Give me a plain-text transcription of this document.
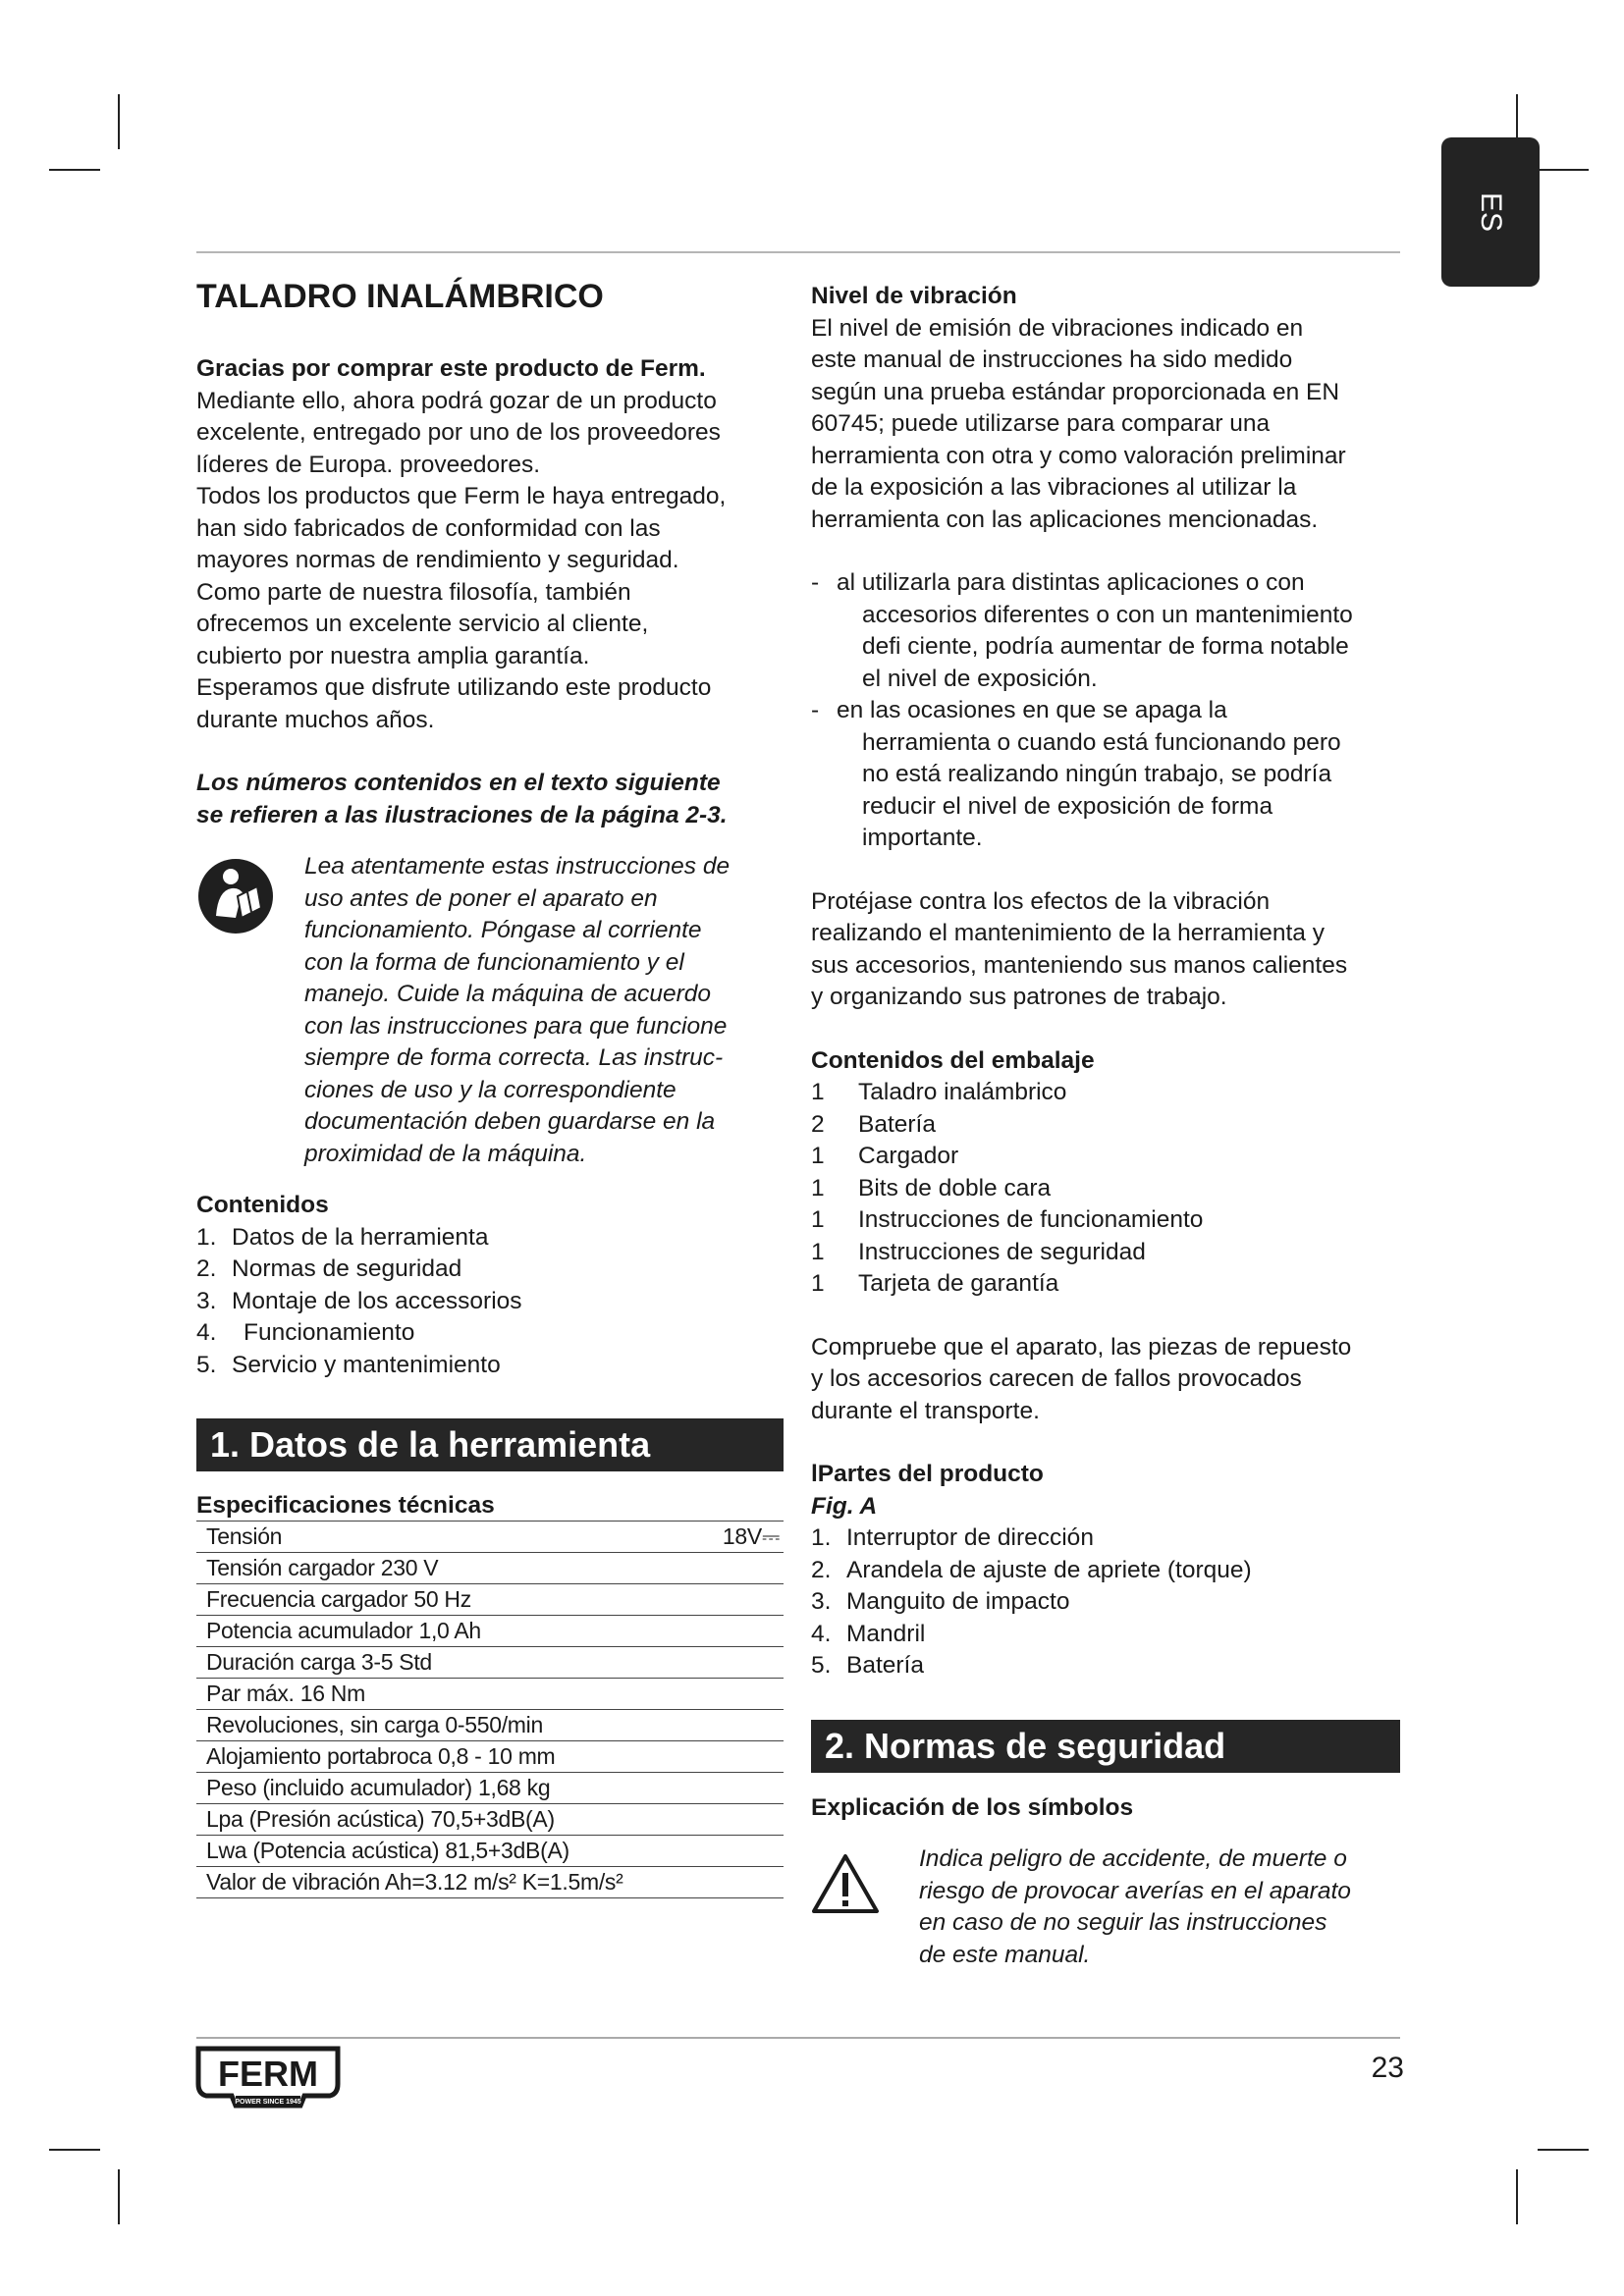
ES

TALADRO INALÁMBRICO

Gracias por comprar este producto de Ferm.

Mediante ello, ahora podrá gozar de un producto

excelente, entregado por uno de los proveedores

líderes de Europa. proveedores.

Todos los productos que Ferm le haya entregado,

han sido fabricados de conformidad con las

mayores normas de rendimiento y seguridad.

Como parte de nuestra filosofía, también

ofrecemos un excelente servicio al cliente,

cubierto por nuestra amplia garantía.

Esperamos que disfrute utilizando este producto

durante muchos años.

Los números contenidos en el texto siguiente

se refieren a las ilustraciones de la página 2-3.

Lea atentamente estas instrucciones de

uso antes de poner el aparato en

funcionamiento. Póngase al corriente

con la forma de funcionamiento y el

manejo. Cuide la máquina de acuerdo

con las instrucciones para que funcione

siempre de forma correcta. Las instruc-

ciones de uso y la correspondiente

documentación deben guardarse en la

proximidad de la máquina.

Contenidos

1. Datos de la herramienta
2. Normas de seguridad
3. Montaje de los accessorios
4.	Funcionamiento
5. Servicio y mantenimiento
1. Datos de la herramienta

Especificaciones técnicas

Tensión	18V⎓
Tensión cargador 230 V
Frecuencia cargador 50 Hz
Potencia acumulador 1,0 Ah
Duración carga 3-5 Std
Par máx. 16 Nm
Revoluciones, sin carga 0-550/min
Alojamiento portabroca 0,8 - 10 mm
Peso (incluido acumulador) 1,68 kg
Lpa (Presión acústica) 70,5+3dB(A)
Lwa (Potencia acústica) 81,5+3dB(A)
Valor de vibración Ah=3.12 m/s² K=1.5m/s²

Nivel de vibración

El nivel de emisión de vibraciones indicado en

este manual de instrucciones ha sido medido

según una prueba estándar proporcionada en EN

60745; puede utilizarse para comparar una

herramienta con otra y como valoración preliminar

de la exposición a las vibraciones al utilizar la

herramienta con las aplicaciones mencionadas.

- al utilizarla para distintas aplicaciones o con

accesorios diferentes o con un mantenimiento

defi ciente, podría aumentar de forma notable

el nivel de exposición.

- en las ocasiones en que se apaga la

herramienta o cuando está funcionando pero

no está realizando ningún trabajo, se podría

reducir el nivel de exposición de forma

importante.

Protéjase contra los efectos de la vibración

realizando el mantenimiento de la herramienta y

sus accesorios, manteniendo sus manos calientes

y organizando sus patrones de trabajo.

Contenidos del embalaje

1	Taladro inalámbrico
2	Batería
1	Cargador
1	Bits de doble cara
1	Instrucciones de funcionamiento
1	Instrucciones de seguridad
1	Tarjeta de garantía

Compruebe que el aparato, las piezas de repuesto

y los accesorios carecen de fallos provocados

durante el transporte.

lPartes del producto

Fig. A

1. Interruptor de dirección
2. Arandela de ajuste de apriete (torque)
3. Manguito de impacto
4. Mandril
5. Batería
2. Normas de seguridad

Explicación de los símbolos

Indica peligro de accidente, de muerte o

riesgo de provocar averías en el aparato

en caso de no seguir las instrucciones

de este manual.

FERM
POWER SINCE 1945
23
